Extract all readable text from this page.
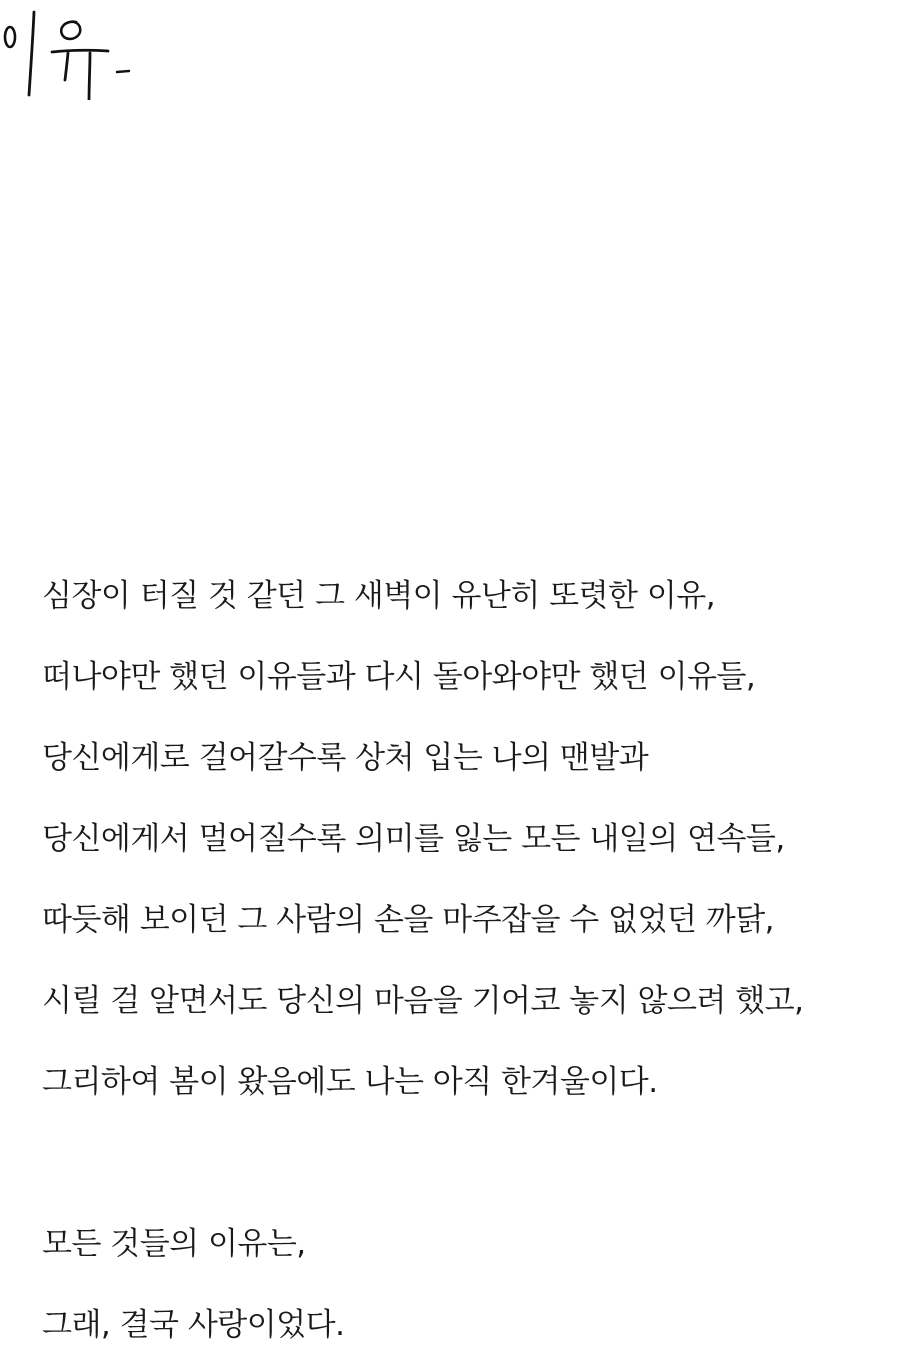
심장이 터질 것 같던 그 새벽이 유난히 또렷한 이유,
떠나야만 했던 이유들과 다시 돌아와야만 했던 이유들,
당신에게로 걸어갈수록 상처 입는 나의 맨발과
당신에게서 멀어질수록 의미를 잃는 모든 내일의 연속들,
따듯해 보이던 그 사람의 손을 마주잡을 수 없었던 까닭,
시릴 걸 알면서도 당신의 마음을 기어코 놓지 않으려 했고,
그리하여 봄이 왔음에도 나는 아직 한겨울이다.
모든 것들의 이유는,
그래, 결국 사랑이었다.
